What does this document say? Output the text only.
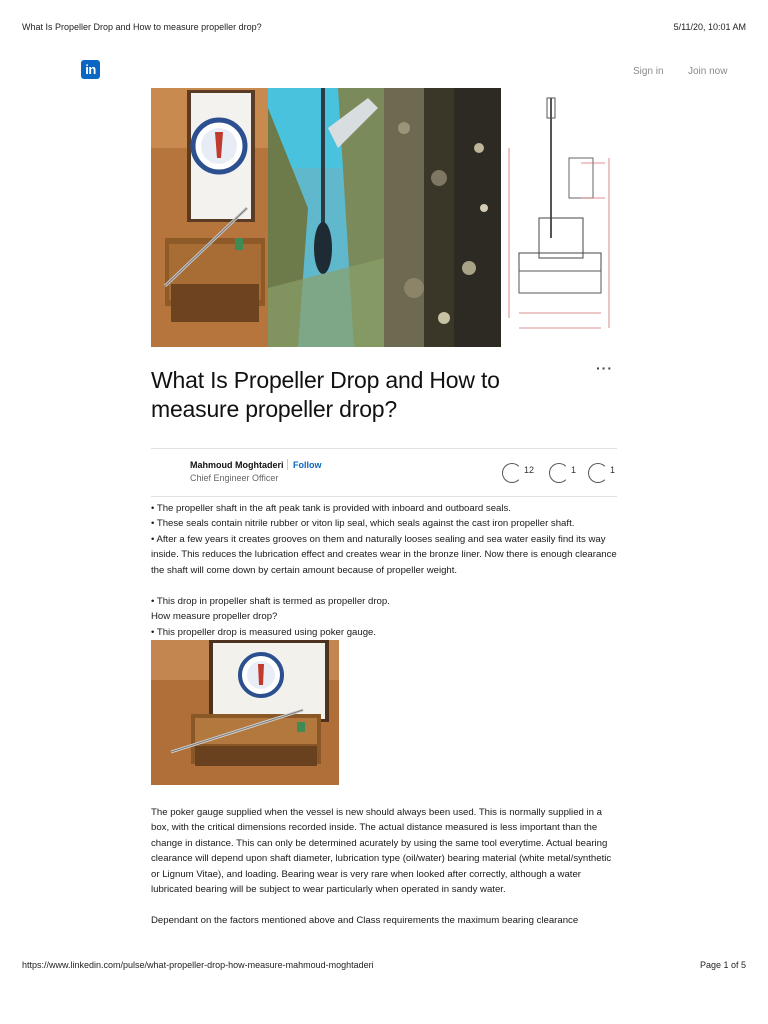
What Is Propeller Drop and How to measure propeller drop?	5/11/20, 10:01 AM
in	Sign in Join now
···
What Is Propeller Drop and How to measure propeller drop?
Mahmoud Moghtaderi Follow
Chief Engineer Officer
12	1	1
• The propeller shaft in the aft peak tank is provided with inboard and outboard seals.
• These seals contain nitrile rubber or viton lip seal, which seals against the cast iron propeller shaft.
• After a few years it creates grooves on them and naturally looses sealing and sea water easily find its way inside. This reduces the lubrication effect and creates wear in the bronze liner. Now there is enough clearance the shaft will come down by certain amount because of propeller weight.
• This drop in propeller shaft is termed as propeller drop.
How measure propeller drop?
• This propeller drop is measured using poker gauge.
The poker gauge supplied when the vessel is new should always been used. This is normally supplied in a box, with the critical dimensions recorded inside. The actual distance measured is less important than the change in distance. This can only be determined acurately by using the same tool everytime. Actual bearing clearance will depend upon shaft diameter, lubrication type (oil/water) bearing material (white metal/synthetic or Lignum Vitae), and loading. Bearing wear is very rare when looked after correctly, although a water lubricated bearing will be subject to wear particularly when operated in sandy water.
Dependant on the factors mentioned above and Class requirements the maximum bearing clearance
https://www.linkedin.com/pulse/what-propeller-drop-how-measure-mahmoud-moghtaderi	Page 1 of 5
